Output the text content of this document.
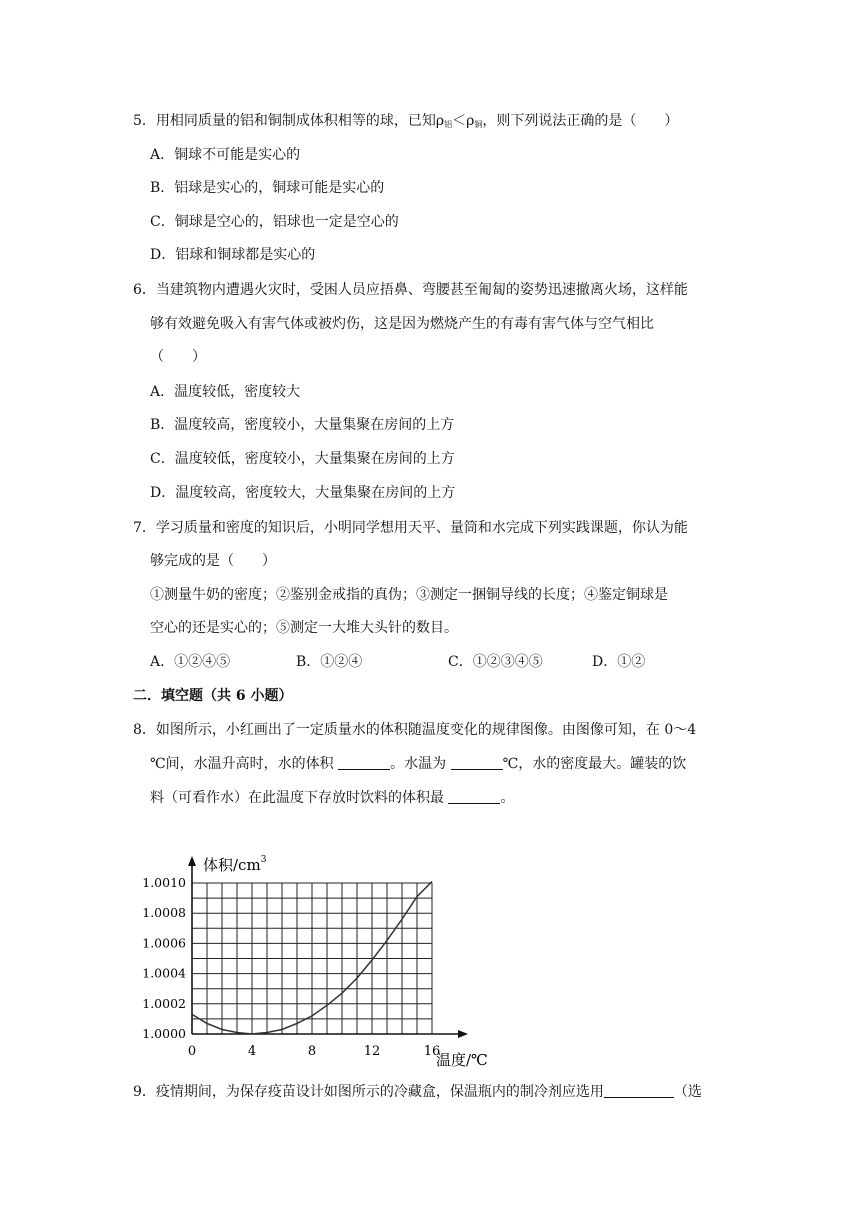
5．用相同质量的铝和铜制成体积相等的球，已知$\rho_铝<\rho_铜$，则下列说法正确的是（　　）
A．铜球不可能是实心的
B．铝球是实心的，铜球可能是实心的
C．铜球是空心的，铝球也一定是空心的
D．铝球和铜球都是实心的
6．当建筑物内遭遇火灾时，受困人员应捂鼻、弯腰甚至匍匐的姿势迅速撤离火场，这样能
够有效避免吸入有害气体或被灼伤，这是因为燃烧产生的有毒有害气体与空气相比
（　　）
A．温度较低，密度较大
B．温度较高，密度较小，大量集聚在房间的上方
C．温度较低，密度较小，大量集聚在房间的上方
D．温度较高，密度较大，大量集聚在房间的上方
7．学习质量和密度的知识后，小明同学想用天平、量筒和水完成下列实践课题，你认为能
够完成的是（　　）
①测量牛奶的密度；②鉴别金戒指的真伪；③测定一捆铜导线的长度；④鉴定铜球是
空心的还是实心的；⑤测定一大堆大头针的数目。
A．①②④⑤	B．①②④	C．①②③④⑤	D．①②
二．填空题（共 6 小题）
8．如图所示，小红画出了一定质量水的体积随温度变化的规律图像。由图像可知，在 0～4
℃间，水温升高时，水的体积	。水温为	℃，水的密度最大。罐装的饮
料（可看作水）在此温度下存放时饮料的体积最	。
0	4	8	12	16
1.0000
1.0002
1.0004
1.0006
1.0008
1.0010
体积$/cm^3$
温度/℃
9．疫情期间，为保存疫苗设计如图所示的冷藏盒，保温瓶内的制冷剂应选用	（选
